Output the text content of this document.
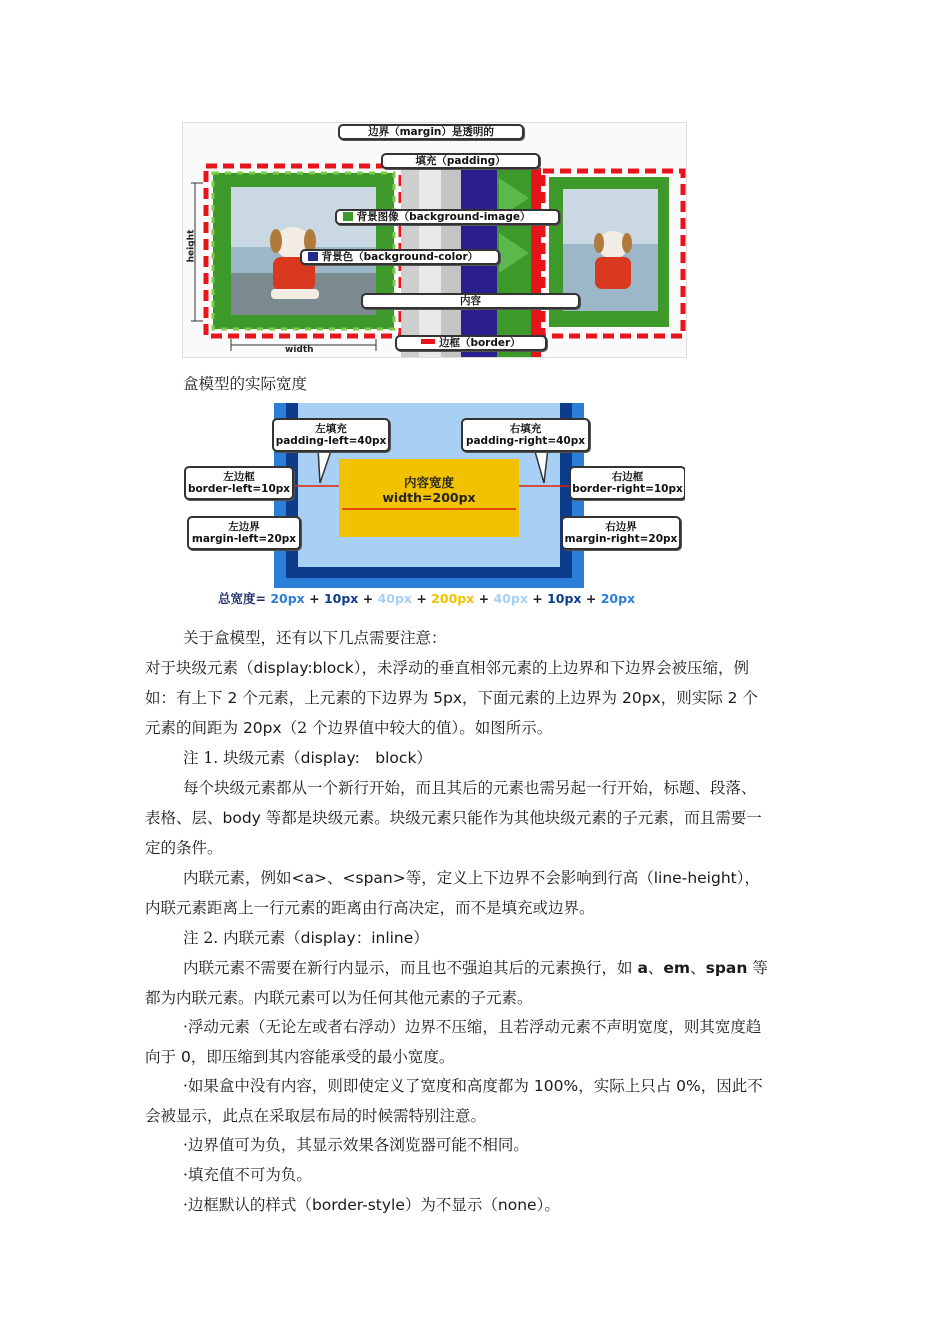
height
width
边界（margin）是透明的
填充（padding）
背景图像（background-image）
背景色（background-color）
内容
边框（border）
盒模型的实际宽度
左填充
padding-left=40px
右填充
padding-right=40px
左边框
border-left=10px
右边框
border-right=10px
左边界
margin-left=20px
右边界
margin-right=20px
内容宽度
width=200px
总宽度= 20px + 10px + 40px + 200px + 40px + 10px + 20px
关于盒模型，还有以下几点需要注意：
对于块级元素（display:block），未浮动的垂直相邻元素的上边界和下边界会被压缩，例
如：有上下 2 个元素，上元素的下边界为 5px，下面元素的上边界为 20px，则实际 2 个
元素的间距为 20px（2 个边界值中较大的值）。如图所示。
注 1. 块级元素（display:　block）
每个块级元素都从一个新行开始，而且其后的元素也需另起一行开始，标题、段落、
表格、层、body 等都是块级元素。块级元素只能作为其他块级元素的子元素，而且需要一
定的条件。
内联元素，例如<a>、<span>等，定义上下边界不会影响到行高（line-height），
内联元素距离上一行元素的距离由行高决定，而不是填充或边界。
注 2. 内联元素（display：inline）
内联元素不需要在新行内显示，而且也不强迫其后的元素换行，如 a、em、span 等
都为内联元素。内联元素可以为任何其他元素的子元素。
·浮动元素（无论左或者右浮动）边界不压缩，且若浮动元素不声明宽度，则其宽度趋
向于 0，即压缩到其内容能承受的最小宽度。
·如果盒中没有内容，则即使定义了宽度和高度都为 100%，实际上只占 0%，因此不
会被显示，此点在采取层布局的时候需特别注意。
·边界值可为负，其显示效果各浏览器可能不相同。
·填充值不可为负。
·边框默认的样式（border-style）为不显示（none）。
